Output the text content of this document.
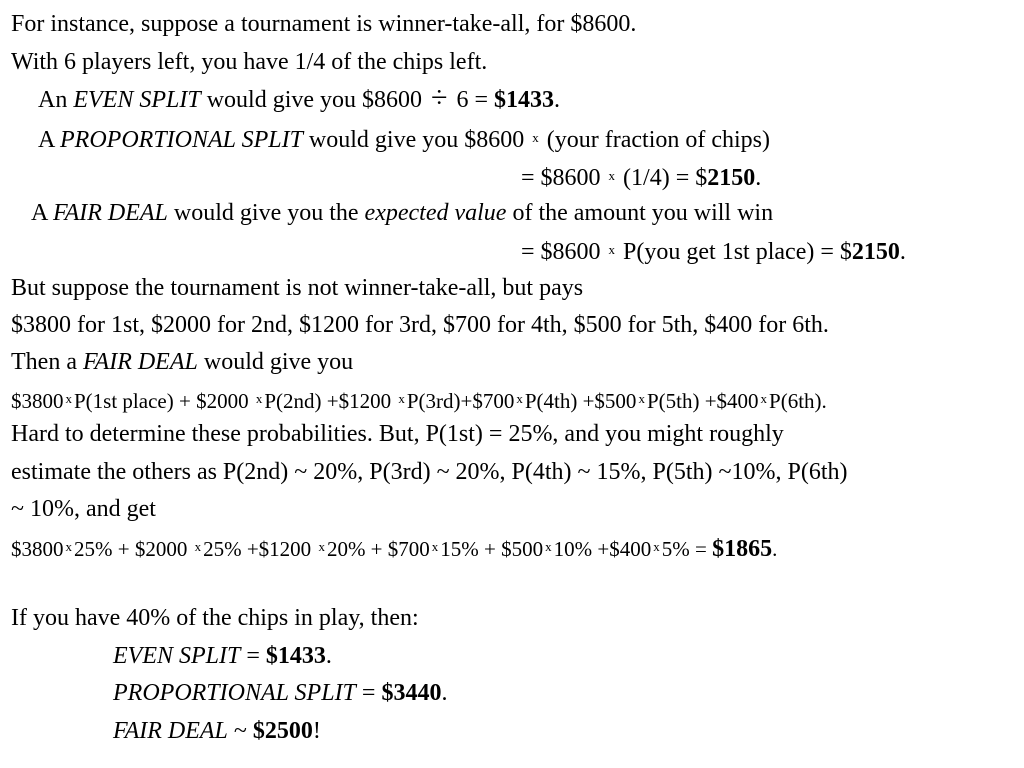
For instance, suppose a tournament is winner-take-all, for $8600.
With 6 players left, you have 1/4 of the chips left.
An EVEN SPLIT would give you $8600 ÷ 6 = $1433.
A PROPORTIONAL SPLIT would give you $8600 $^x$ (your fraction of chips)
= $8600 $^x$ (1/4) = $2150.
A FAIR DEAL would give you the expected value of the amount you will win
= $8600 $^x$ P(you get 1st place) = $2150.
But suppose the tournament is not winner-take-all, but pays
$3800 for 1st, $2000 for 2nd, $1200 for 3rd, $700 for 4th, $500 for 5th, $400 for 6th.
Then a FAIR DEAL would give you
$3800 $^x$P(1st place) + $2000 $^x$P(2nd) +$1200 $^x$P(3rd)+$700 $^x$P(4th) +$500 $^x$P(5th) +$400 $^x$P(6th).
Hard to determine these probabilities. But, P(1st) = 25%, and you might roughly
estimate the others as P(2nd) ~ 20%, P(3rd) ~ 20%, P(4th) ~ 15%, P(5th) ~10%, P(6th)
~ 10%, and get
$3800 $^x$25% + $2000 $^x$25% +$1200 $^x$20% + $700 $^x$15% + $500 $^x$10% +$400 $^x$5% = $1865.
If you have 40% of the chips in play, then:
EVEN SPLIT = $1433.
PROPORTIONAL SPLIT = $3440.
FAIR DEAL ~ $2500!
